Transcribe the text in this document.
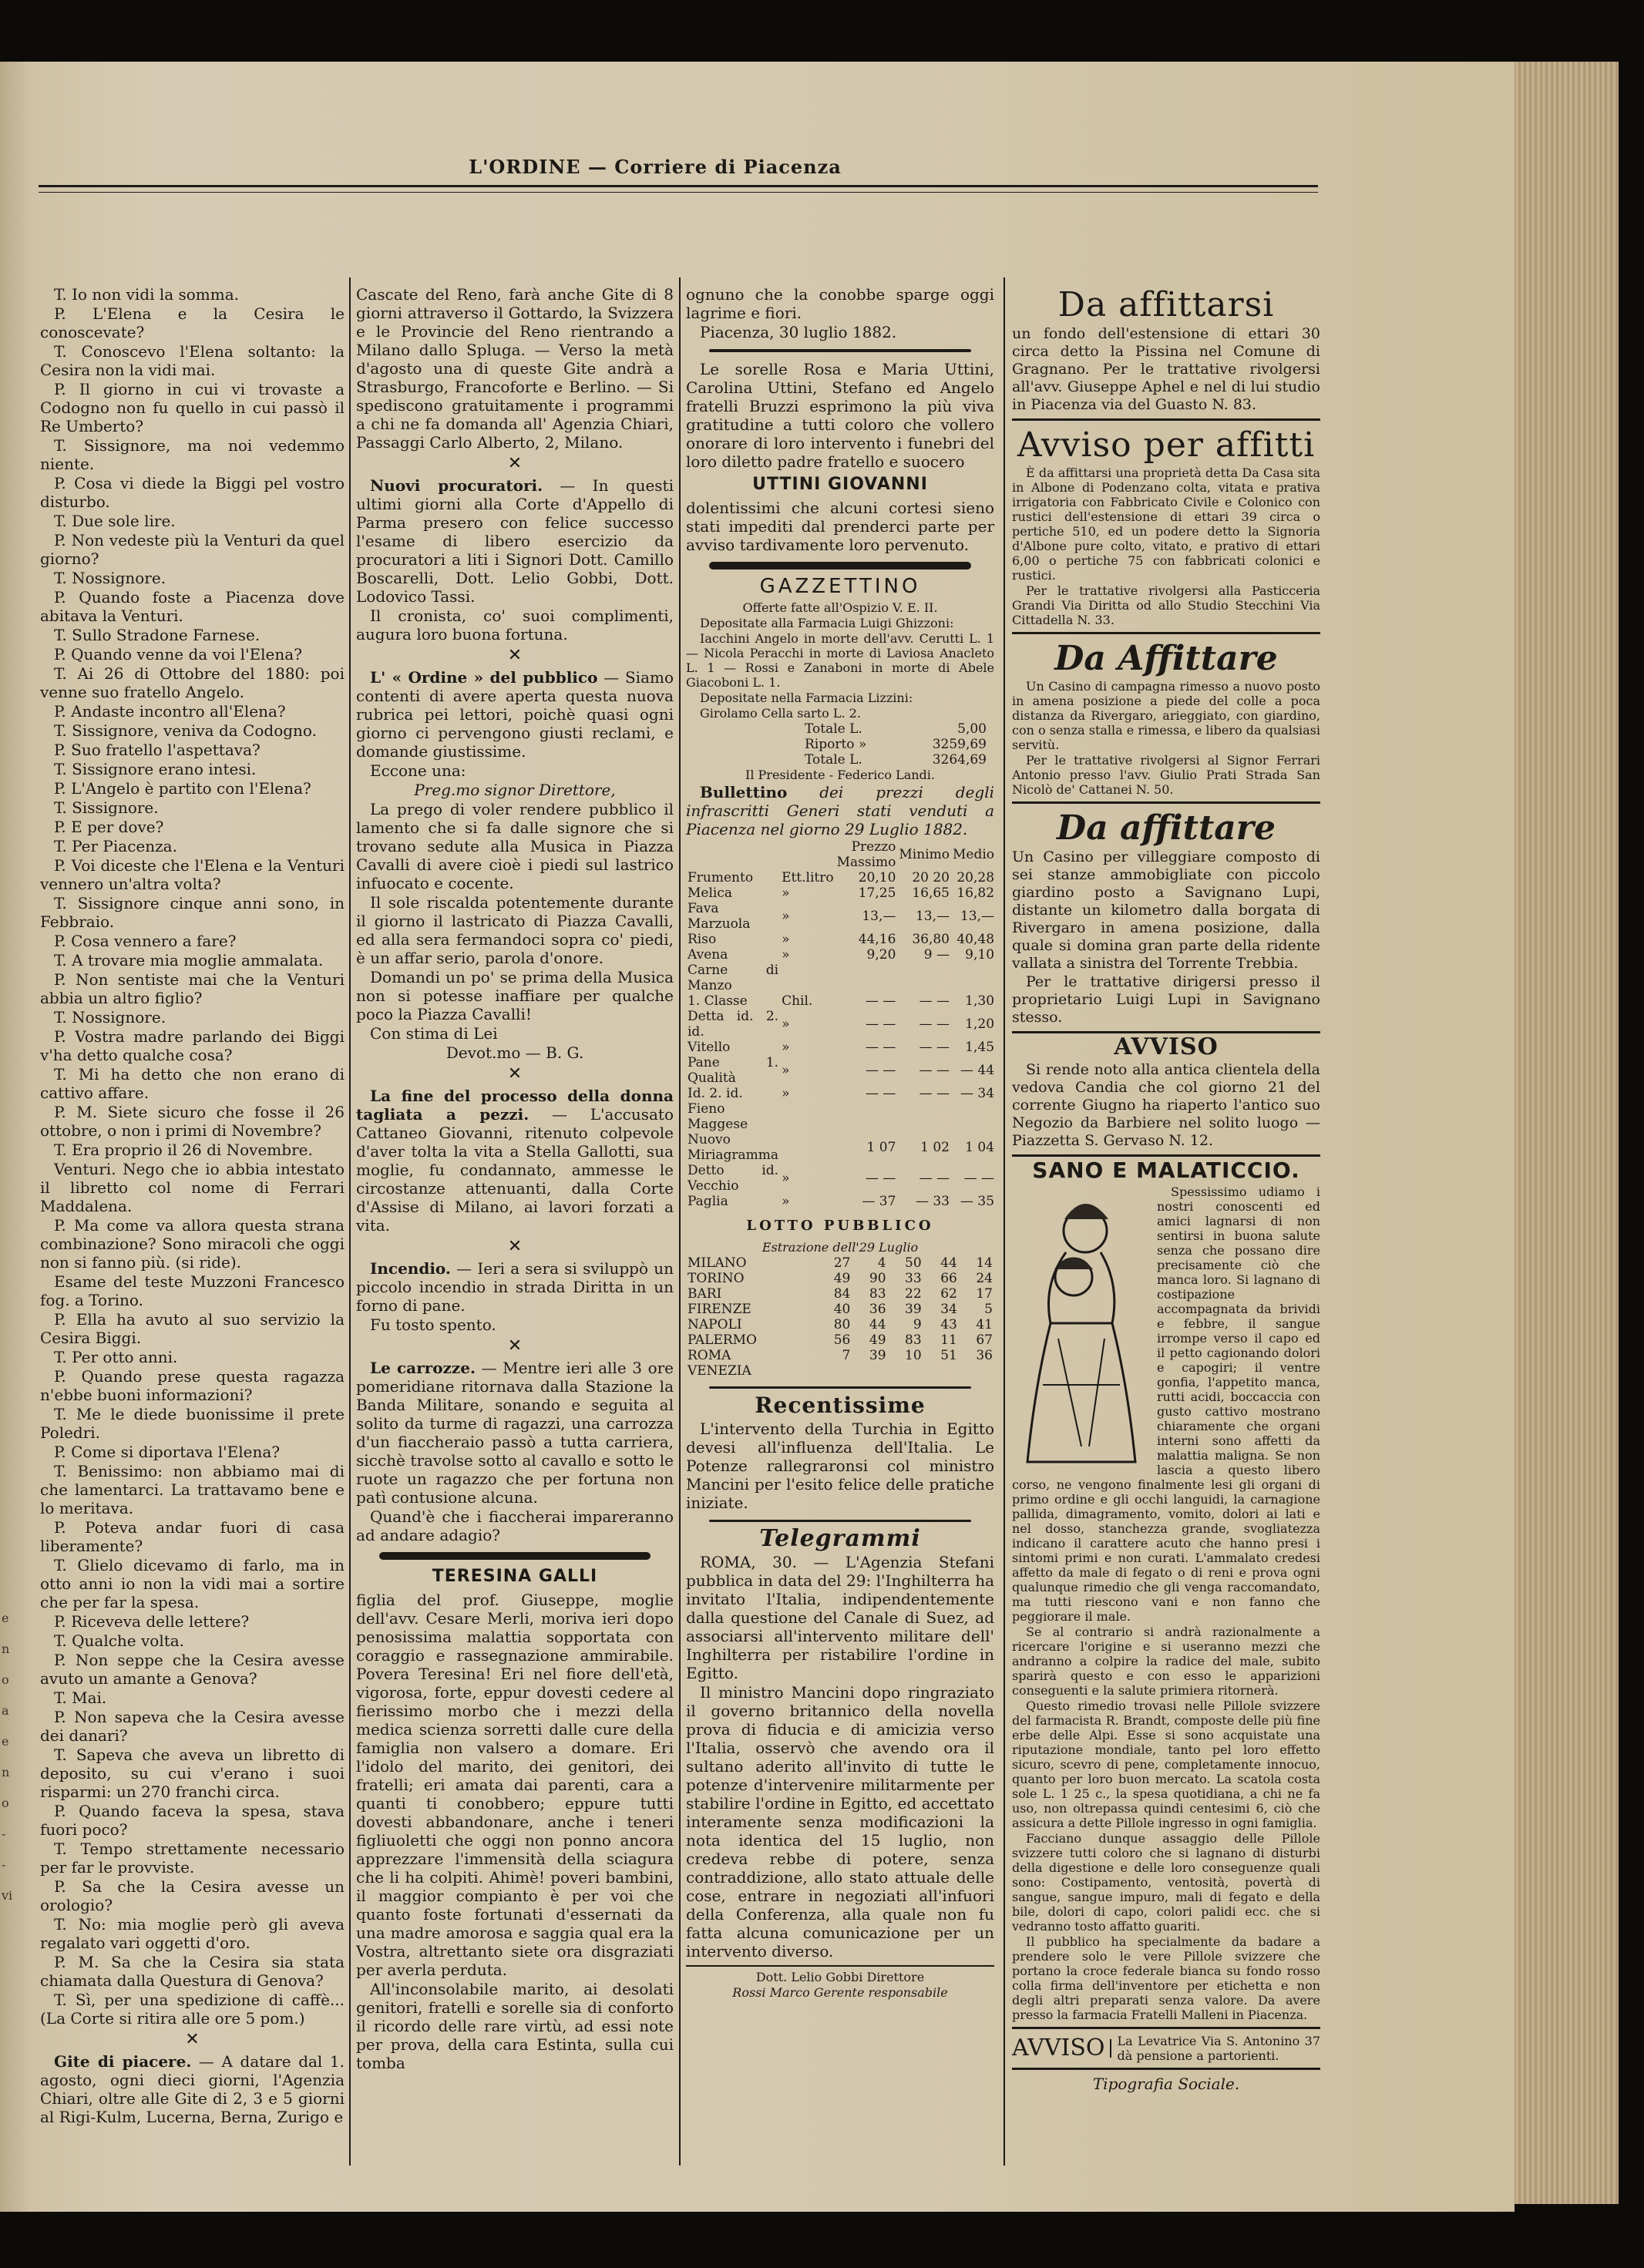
e
n
o
a
e
n
o
-
-
vi
L'ORDINE — Corriere di Piacenza

T. Io non vidi la somma.

P. L'Elena e la Cesira le conoscevate?

T. Conoscevo l'Elena soltanto: la Cesira non la vidi mai.

P. Il giorno in cui vi trovaste a Codogno non fu quello in cui passò il Re Umberto?

T. Sissignore, ma noi vedemmo niente.

P. Cosa vi diede la Biggi pel vostro disturbo.

T. Due sole lire.

P. Non vedeste più la Venturi da quel giorno?

T. Nossignore.

P. Quando foste a Piacenza dove abitava la Venturi.

T. Sullo Stradone Farnese.

P. Quando venne da voi l'Elena?

T. Ai 26 di Ottobre del 1880: poi venne suo fratello Angelo.

P. Andaste incontro all'Elena?

T. Sissignore, venivа da Codogno.

P. Suo fratello l'aspettava?

T. Sissignore erano intesi.

P. L'Angelo è partito con l'Elena?

T. Sissignore.

P. E per dove?

T. Per Piacenza.

P. Voi diceste che l'Elena e la Venturi vennero un'altra volta?

T. Sissignore cinque anni sono, in Febbraio.

P. Cosa vennero a fare?

T. A trovare mia moglie ammalata.

P. Non sentiste mai che la Venturi abbia un altro figlio?

T. Nossignore.

P. Vostra madre parlando dei Biggi v'ha detto qualche cosa?

T. Mi ha detto che non erano di cattivo affare.

P. M. Siete sicuro che fosse il 26 ottobre, o non i primi di Novembre?

T. Era proprio il 26 di Novembre.

Venturi. Nego che io abbia intestato il libretto col nome di Ferrari Maddalena.

P. Ma come va allora questa strana combinazione? Sono miracoli che oggi non si fanno più. (si ride).

Esame del teste Muzzoni Francesco fog. a Torino.

P. Ella ha avuto al suo servizio la Cesira Biggi.

T. Per otto anni.

P. Quando prese questa ragazza n'ebbe buoni informazioni?

T. Me le diede buonissime il prete Poledri.

P. Come si diportava l'Elena?

T. Benissimo: non abbiamo mai di che lamentarci. La trattavamo bene e lo meritava.

P. Poteva andar fuori di casa liberamente?

T. Glielo dicevamo di farlo, ma in otto anni io non la vidi mai a sortire che per far la spesa.

P. Riceveva delle lettere?

T. Qualche volta.

P. Non seppe che la Cesira avesse avuto un amante a Genova?

T. Mai.

P. Non sapeva che la Cesira avesse dei danari?

T. Sapeva che aveva un libretto di deposito, su cui v'erano i suoi risparmi: un 270 franchi circa.

P. Quando faceva la spesa, stava fuori poco?

T. Tempo strettamente necessario per far le provviste.

P. Sa che la Cesira avesse un orologio?

T. No: mia moglie però gli aveva regalato vari oggetti d'oro.

P. M. Sa che la Cesira sia stata chiamata dalla Questura di Genova?

T. Sì, per una spedizione di caffè... (La Corte si ritira alle ore 5 pom.)

✕

Gite di piacere. — A datare dal 1. agosto, ogni dieci giorni, l'Agenzia Chiari, oltre alle Gite di 2, 3 e 5 giorni al Rigi-Kulm, Lucerna, Berna, Zurigo e

Cascate del Reno, farà anche Gite di 8 giorni attraverso il Gottardo, la Svizzera e le Provincie del Reno rientrando a Milano dallo Spluga. — Verso la metà d'agosto una di queste Gite andrà a Strasburgo, Francoforte e Berlino. — Si spediscono gratuitamente i programmi a chi ne fa domanda all' Agenzia Chiari, Passaggi Carlo Alberto, 2, Milano.

✕

Nuovi procuratori. — In questi ultimi giorni alla Corte d'Appello di Parma presero con felice successo l'esame di libero esercizio da procuratori a liti i Signori Dott. Camillo Boscarelli, Dott. Lelio Gobbi, Dott. Lodovico Tassi.

Il cronista, co' suoi complimenti, augura loro buona fortuna.

✕

L' « Ordine » del pubblico — Siamo contenti di avere aperta questa nuova rubrica pei lettori, poichè quasi ogni giorno ci pervengono giusti reclami, e domande giustissime.

Eccone una:

Preg.mo signor Direttore,

La prego di voler rendere pubblico il lamento che si fa dalle signore che si trovano sedute alla Musica in Piazza Cavalli di avere cioè i piedi sul lastrico infuocato e cocente.

Il sole riscalda potentemente durante il giorno il lastricato di Piazza Cavalli, ed alla sera fermandoci sopra co' piedi, è un affar serio, parola d'onore.

Domandi un po' se prima della Musica non si potesse inaffiare per qualche poco la Piazza Cavalli!

Con stima di Lei

Devot.mo — B. G.

✕

La fine del processo della donna tagliata a pezzi. — L'accusato Cattaneo Giovanni, ritenuto colpevole d'aver tolta la vita a Stella Gallotti, sua moglie, fu condannato, ammesse le circostanze attenuanti, dalla Corte d'Assise di Milano, ai lavori forzati a vita.

✕

Incendio. — Ieri a sera si sviluppò un piccolo incendio in strada Diritta in un forno di pane.

Fu tosto spento.

✕

Le carrozze. — Mentre ieri alle 3 ore pomeridiane ritornava dalla Stazione la Banda Militare, sonando e seguita al solito da turme di ragazzi, una carrozza d'un fiaccheraio passò a tutta carriera, sicchè travolse sotto al cavallo e sotto le ruote un ragazzo che per fortuna non patì contusione alcuna.

Quand'è che i fiaccherai impareranno ad andare adagio?

TERESINA GALLI

figlia del prof. Giuseppe, moglie dell'avv. Cesare Merli, moriva ieri dopo penosissima malattia sopportata con coraggio e rassegnazione ammirabile. Povera Teresina! Eri nel fiore dell'età, vigorosa, forte, eppur dovesti cedere al fierissimo morbo che i mezzi della medica scienza sorretti dalle cure della famiglia non valsero a domare. Eri l'idolo del marito, dei genitori, dei fratelli; eri amata dai parenti, cara a quanti ti conobbero; eppure tutti dovesti abbandonare, anche i teneri figliuoletti che oggi non ponno ancora apprezzare l'immensità della sciagura che li ha colpiti. Ahimè! poveri bambini, il maggior compianto è per voi che quanto foste fortunati d'essernati da una madre amorosa e saggia qual era la Vostra, altrettanto siete ora disgraziati per averla perduta.

All'inconsolabile marito, ai desolati genitori, fratelli e sorelle sia di conforto il ricordo delle rare virtù, ad essi note per prova, della cara Estinta, sulla cui tomba

ognuno che la conobbe sparge oggi lagrime e fiori.

Piacenza, 30 luglio 1882.

Le sorelle Rosa e Maria Uttini, Carolina Uttini, Stefano ed Angelo fratelli Bruzzi esprimono la più viva gratitudine a tutti coloro che vollero onorare di loro intervento i funebri del loro diletto padre fratello e suocero

UTTINI GIOVANNI

dolentissimi che alcuni cortesi sieno stati impediti dal prenderci parte per avviso tardivamente loro pervenuto.

GAZZETTINO

Offerte fatte all'Ospizio V. E. II.

Depositate alla Farmacia Luigi Ghizzoni:

Iacchini Angelo in morte dell'avv. Cerutti L. 1 — Nicola Peracchi in morte di Laviosa Anacleto L. 1 — Rossi e Zanaboni in morte di Abele Giacoboni L. 1.

Depositate nella Farmacia Lizzini:

Girolamo Cella sarto L. 2.

Totale L.	5,00
Riporto »	3259,69
Totale L.	3264,69

Il Presidente - Federico Landi.

Bullettino dei prezzi degli infrascritti Generi stati venduti a Piacenza nel giorno 29 Luglio 1882.

		Prezzo Massimo	Minimo	Medio
Frumento	Ett.litro	20,10	20 20	20,28
Melica	»	17,25	16,65	16,82
Fava Marzuola	»	13,—	13,—	13,—
Riso	»	44,16	36,80	40,48
Avena	»	9,20	9 —	9,10
Carne di Manzo				
1. Classe	Chil.	— —	— —	1,30
Detta id. 2. id.	»	— —	— —	1,20
Vitello	»	— —	— —	1,45
Pane 1. Qualità	»	— —	— —	— 44
Id. 2. id.	»	— —	— —	— 34
Fieno Maggese				
Nuovo Miriagramma		1 07	1 02	1 04
Detto id. Vecchio	»	— —	— —	— —
Paglia	»	— 37	— 33	— 35
LOTTO PUBBLICO

Estrazione dell'29 Luglio

MILANO	27	4	50	44	14
TORINO	49	90	33	66	24
BARI	84	83	22	62	17
FIRENZE	40	36	39	34	5
NAPOLI	80	44	9	43	41
PALERMO	56	49	83	11	67
ROMA	7	39	10	51	36
VENEZIA					
Recentissime

L'intervento della Turchia in Egitto devesi all'influenza dell'Italia. Le Potenze rallegraronsi col ministro Mancini per l'esito felice delle pratiche iniziate.

Telegrammi

ROMA, 30. — L'Agenzia Stefani pubblica in data del 29: l'Inghilterra ha invitato l'Italia, indipendentemente dalla questione del Canale di Suez, ad associarsi all'intervento militare dell' Inghilterra per ristabilire l'ordine in Egitto.

Il ministro Mancini dopo ringraziato il governo britannico della novella prova di fiducia e di amicizia verso l'Italia, osservò che avendo ora il sultano aderito all'invito di tutte le potenze d'intervenire militarmente per stabilire l'ordine in Egitto, ed accettato interamente senza modificazioni la nota identica del 15 luglio, non credeva rebbe di potere, senza contraddizione, allo stato attuale delle cose, entrare in negoziati all'infuori della Conferenza, alla quale non fu fatta alcuna comunicazione per un intervento diverso.

Dott. Lelio Gobbi Direttore

Rossi Marco Gerente responsabile

Da affittarsi

un fondo dell'estensione di ettari 30 circa detto la Pissina nel Comune di Gragnano. Per le trattative rivolgersi all'avv. Giuseppe Aphel e nel di lui studio in Piacenza via del Guasto N. 83.

Avviso per affitti

È da affittarsi una proprietà detta Da Casa sita in Albone di Podenzano colta, vitata e prativa irrigatoria con Fabbricato Civile e Colonico con rustici dell'estensione di ettari 39 circa o pertiche 510, ed un podere detto la Signoria d'Albone pure colto, vitato, e prativo di ettari 6,00 o pertiche 75 con fabbricati colonici e rustici.

Per le trattative rivolgersi alla Pasticceria Grandi Via Diritta od allo Studio Stecchini Via Cittadella N. 33.

Da Affittare

Un Casino di campagna rimesso a nuovo posto in amena posizione a piede del colle a poca distanza da Rivergaro, arieggiato, con giardino, con o senza stalla e rimessa, e libero da qualsiasi servitù.

Per le trattative rivolgersi al Signor Ferrari Antonio presso l'avv. Giulio Prati Strada San Nicolò de' Cattanei N. 50.

Da affittare

Un Casino per villeggiare composto di sei stanze ammobigliate con piccolo giardino posto a Savignano Lupi, distante un kilometro dalla borgata di Rivergaro in amena posizione, dalla quale si domina gran parte della ridente vallata a sinistra del Torrente Trebbia.

Per le trattative dirigersi presso il proprietario Luigi Lupi in Savignano stesso.

AVVISO

Si rende noto alla antica clientela della vedova Candia che col giorno 21 del corrente Giugno ha riaperto l'antico suo Negozio da Barbiere nel solito luogo — Piazzetta S. Gervaso N. 12.

SANO E MALATICCIO.

Spessissimo udiamo i nostri conoscenti ed amici lagnarsi di non sentirsi in buona salute senza che possano dire precisamente ciò che manca loro. Si lagnano di costipazione accompagnata da brividi e febbre, il sangue irrompe verso il capo ed il petto cagionando dolori e capogiri; il ventre gonfia, l'appetito manca, rutti acidi, boccaccia con gusto cattivo mostrano chiaramente che organi interni sono affetti da malattia maligna. Se non lascia a questo libero corso, ne vengono finalmente lesi gli organi di primo ordine e gli occhi languidi, la carnagione pallida, dimagramento, vomito, dolori ai lati e nel dosso, stanchezza grande, svogliatezza indicano il carattere acuto che hanno presi i sintomi primi e non curati. L'ammalato credesi affetto da male di fegato o di reni e prova ogni qualunque rimedio che gli venga raccomandato, ma tutti riescono vani e non fanno che peggiorare il male.

Se al contrario si andrà razionalmente a ricercare l'origine e si useranno mezzi che andranno a colpire la radice del male, subito sparirà questo e con esso le apparizioni conseguenti e la salute primiera ritornerà.

Questo rimedio trovasi nelle Pillole svizzere del farmacista R. Brandt, composte delle più fine erbe delle Alpi. Esse si sono acquistate una riputazione mondiale, tanto pel loro effetto sicuro, scevro di pene, completamente innocuo, quanto per loro buon mercato. La scatola costa sole L. 1 25 c., la spesa quotidiana, a chi ne fa uso, non oltrepassa quindi centesimi 6, ciò che assicura a dette Pillole ingresso in ogni famiglia.

Facciano dunque assaggio delle Pillole svizzere tutti coloro che si lagnano di disturbi della digestione e delle loro conseguenze quali sono: Costipamento, ventosità, povertà di sangue, sangue impuro, mali di fegato e della bile, dolori di capo, colori palidi ecc. che si vedranno tosto affatto guariti.

Il pubblico ha specialmente da badare a prendere solo le vere Pillole svizzere che portano la croce federale bianca su fondo rosso colla firma dell'inventore per etichetta e non degli altri preparati senza valore. Da avere presso la farmacia Fratelli Malleni in Piacenza.

AVVISO	La Levatrice Via S. Antonino 37 dà pensione a partorienti.

Tipografia Sociale.
